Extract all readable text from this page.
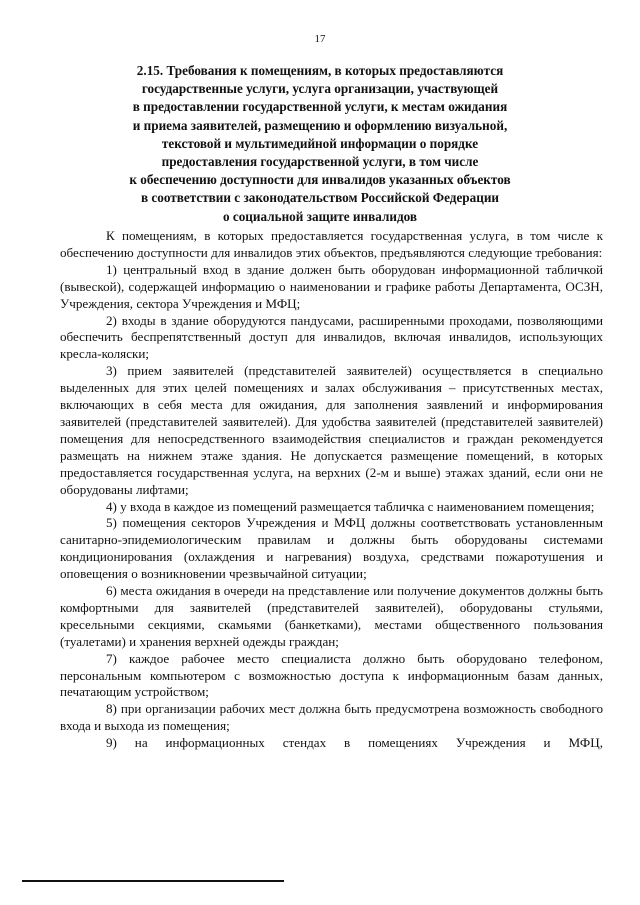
17
2.15. Требования к помещениям, в которых предоставляются
государственные услуги, услуга организации, участвующей
в предоставлении государственной услуги, к местам ожидания
и приема заявителей, размещению и оформлению визуальной,
текстовой и мультимедийной информации о порядке
предоставления государственной услуги, в том числе
к обеспечению доступности для инвалидов указанных объектов
в соответствии с законодательством Российской Федерации
о социальной защите инвалидов

К помещениям, в которых предоставляется государственная услуга, в том числе к обеспечению доступности для инвалидов этих объектов, предъявляются следующие требования:

1) центральный вход в здание должен быть оборудован информационной табличкой (вывеской), содержащей информацию о наименовании и графике работы Департамента, ОСЗН, Учреждения, сектора Учреждения и МФЦ;

2) входы в здание оборудуются пандусами, расширенными проходами, позволяющими обеспечить беспрепятственный доступ для инвалидов, включая инвалидов, использующих кресла-коляски;

3) прием заявителей (представителей заявителей) осуществляется в специально выделенных для этих целей помещениях и залах обслуживания – присутственных местах, включающих в себя места для ожидания, для заполнения заявлений и информирования заявителей (представителей заявителей). Для удобства заявителей (представителей заявителей) помещения для непосредственного взаимодействия специалистов и граждан рекомендуется размещать на нижнем этаже здания. Не допускается размещение помещений, в которых предоставляется государственная услуга, на верхних (2-м и выше) этажах зданий, если они не оборудованы лифтами;

4) у входа в каждое из помещений размещается табличка с наименованием помещения;

5) помещения секторов Учреждения и МФЦ должны соответствовать установленным санитарно-эпидемиологическим правилам и должны быть оборудованы системами кондиционирования (охлаждения и нагревания) воздуха, средствами пожаротушения и оповещения о возникновении чрезвычайной ситуации;

6) места ожидания в очереди на представление или получение документов должны быть комфортными для заявителей (представителей заявителей), оборудованы стульями, кресельными секциями, скамьями (банкетками), местами общественного пользования (туалетами) и хранения верхней одежды граждан;

7) каждое рабочее место специалиста должно быть оборудовано телефоном, персональным компьютером с возможностью доступа к информационным базам данных, печатающим устройством;

8) при организации рабочих мест должна быть предусмотрена возможность свободного входа и выхода из помещения;

9) на информационных стендах в помещениях Учреждения и МФЦ,
